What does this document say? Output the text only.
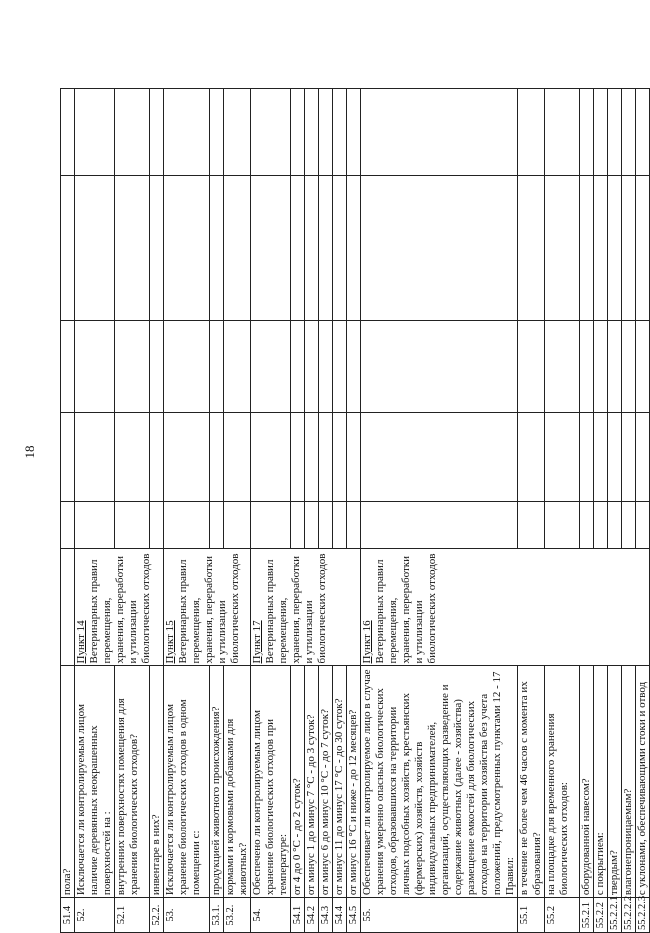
18
51.4	пола?						
52.	Исключается ли контролируемым лицом наличие деревянных неокрашенных поверхностей на :	Пункт 14 Ветеринарных правил перемещения, хранения, переработки и утилизации биологических отходов					
52.1	внутренних поверхностях помещения для хранения биологических отходов?						
52.2.	инвентаре в них?						
53.	Исключается ли контролируемым лицом хранение биологических отходов в одном помещении с:	Пункт 15 Ветеринарных правил перемещения, хранения, переработки и утилизации биологических отходов					
53.1.	продукцией животного происхождения?						
53.2.	кормами и кормовыми добавками для животных?						
54.	Обеспечено ли контролируемым лицом хранение биологических отходов при температуре:	Пункт 17 Ветеринарных правил перемещения, хранения, переработки и утилизации биологических отходов					
54.1	от 4 до 0 °С - до 2 суток?						
54.2	от минус 1 до минус 7 °С - до 3 суток?						
54.3	от минус 6 до минус 10 °С - до 7 суток?						
54.4	от минус 11 до минус 17 °С - до 30 суток?						
54.5	от минус 16 °С и ниже - до 12 месяцев?						
55.	Обеспечивает ли контролируемое лицо в случае хранения умеренно опасных биологических отходов, образовавшихся на территории личных подсобных хозяйств, крестьянских (фермерских) хозяйств, хозяйств индивидуальных предпринимателей, организаций, осуществляющих разведение и содержание животных (далее - хозяйства) размещение емкостей для биологических отходов на территории хозяйства без учета положений, предусмотренных пунктами 12 - 17 Правил:	Пункт 16 Ветеринарных правил перемещения, хранения, переработки и утилизации биологических отходов					
55.1	в течение не более чем 46 часов с момента их образования?						
55.2	на площадке для временного хранения биологических отходов:						
55.2.1	оборудованной навесом?						
55.2.2	с покрытием:						
55.2.2.1	твердым?						
55.2.2.2	влагонепроницаемым?						
55.2.2.3	с уклонами, обеспечивающими стоки и отвод						
